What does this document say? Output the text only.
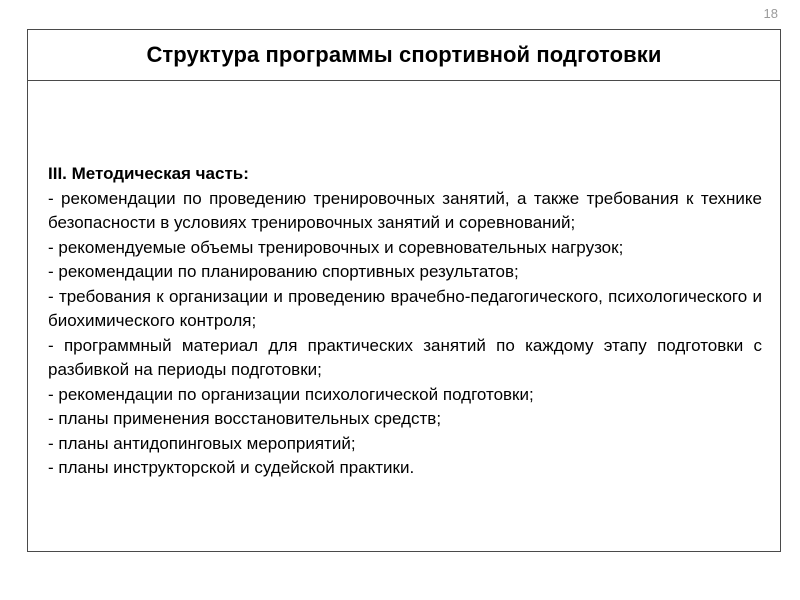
18
Структура программы спортивной подготовки
III. Методическая часть:

- рекомендации по проведению тренировочных занятий, а также требования к технике безопасности в условиях тренировочных занятий и соревнований;

- рекомендуемые объемы тренировочных и соревновательных нагрузок;

- рекомендации по планированию спортивных результатов;

- требования к организации и проведению врачебно-педагогического, психологического и биохимического контроля;

- программный материал для практических занятий по каждому этапу подготовки с разбивкой на периоды подготовки;

- рекомендации по организации психологической подготовки;

- планы применения восстановительных средств;

- планы антидопинговых мероприятий;

- планы инструкторской и судейской практики.
